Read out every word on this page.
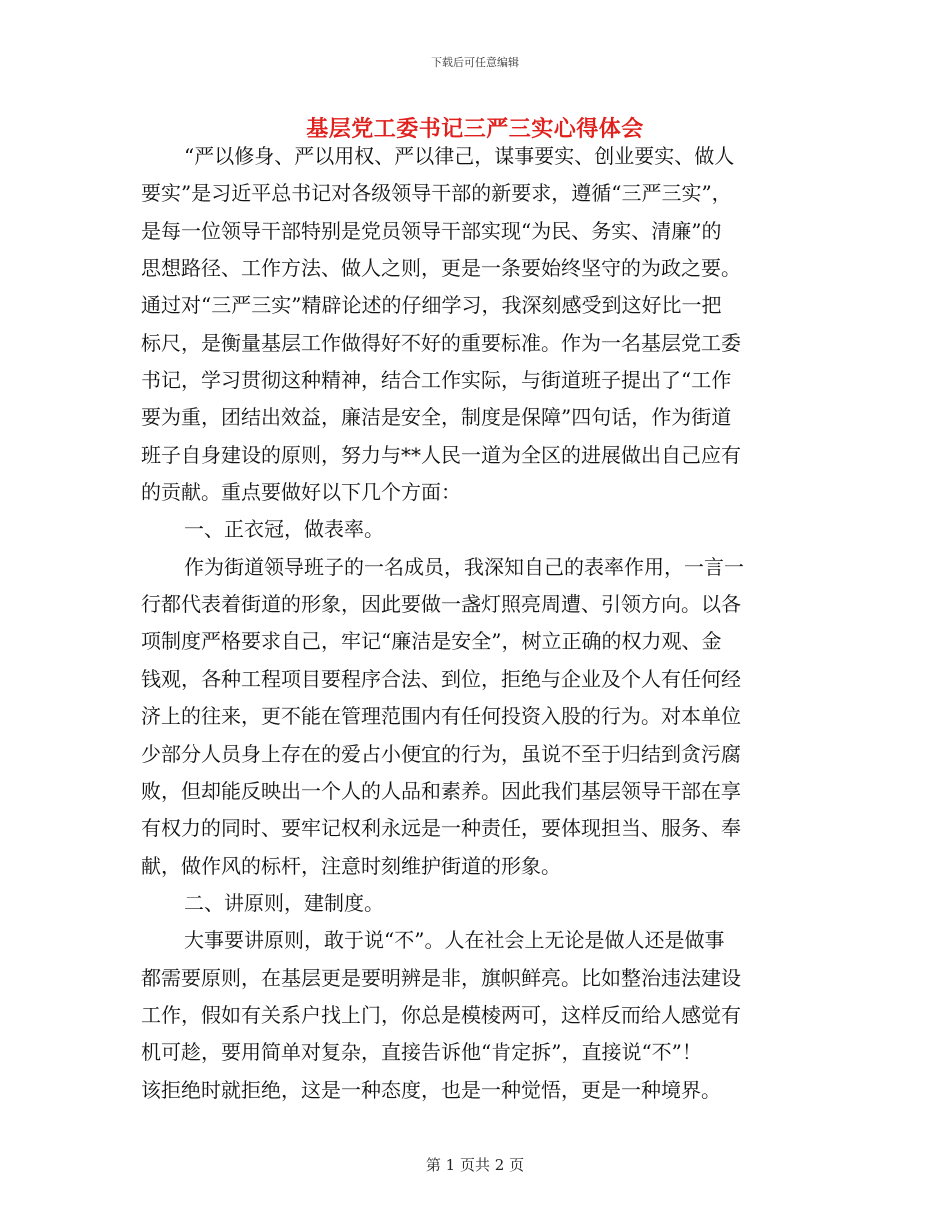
下载后可任意编辑
基层党工委书记三严三实心得体会
“严以修身、严以用权、严以律己，谋事要实、创业要实、做人
要实”是习近平总书记对各级领导干部的新要求，遵循“三严三实”，
是每一位领导干部特别是党员领导干部实现“为民、务实、清廉”的
思想路径、工作方法、做人之则，更是一条要始终坚守的为政之要。
通过对“三严三实”精辟论述的仔细学习，我深刻感受到这好比一把
标尺，是衡量基层工作做得好不好的重要标准。作为一名基层党工委
书记，学习贯彻这种精神，结合工作实际，与街道班子提出了“工作
要为重，团结出效益，廉洁是安全，制度是保障”四句话，作为街道
班子自身建设的原则，努力与**人民一道为全区的进展做出自己应有
的贡献。重点要做好以下几个方面：
一、正衣冠，做表率。
作为街道领导班子的一名成员，我深知自己的表率作用，一言一
行都代表着街道的形象，因此要做一盏灯照亮周遭、引领方向。以各
项制度严格要求自己，牢记“廉洁是安全”，树立正确的权力观、金
钱观，各种工程项目要程序合法、到位，拒绝与企业及个人有任何经
济上的往来，更不能在管理范围内有任何投资入股的行为。对本单位
少部分人员身上存在的爱占小便宜的行为，虽说不至于归结到贪污腐
败，但却能反映出一个人的人品和素养。因此我们基层领导干部在享
有权力的同时、要牢记权利永远是一种责任，要体现担当、服务、奉
献，做作风的标杆，注意时刻维护街道的形象。
二、讲原则，建制度。
大事要讲原则，敢于说“不”。人在社会上无论是做人还是做事
都需要原则，在基层更是要明辨是非，旗帜鲜亮。比如整治违法建设
工作，假如有关系户找上门，你总是模棱两可，这样反而给人感觉有
机可趁，要用简单对复杂，直接告诉他“肯定拆”，直接说“不”！
该拒绝时就拒绝，这是一种态度，也是一种觉悟，更是一种境界。
第 1 页共 2 页
